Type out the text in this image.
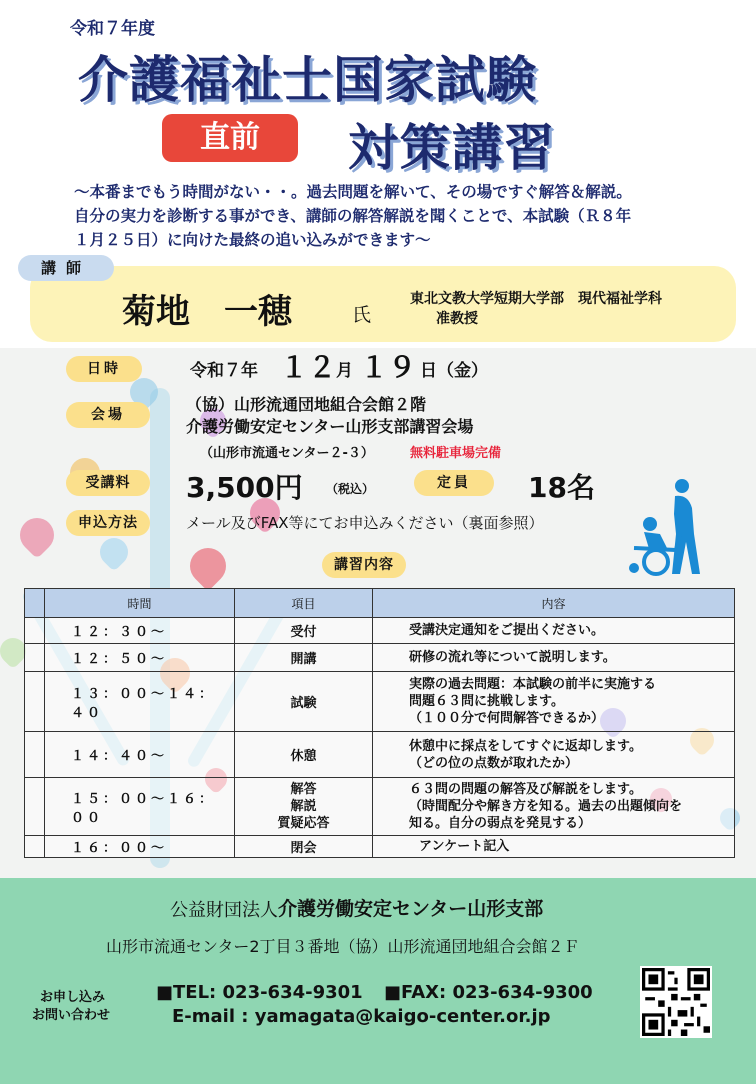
令和７年度
介護福祉士国家試験
直前	対策講習
～本番までもう時間がない・・。過去問題を解いて、その場ですぐ解答＆解説。
自分の実力を診断する事ができ、講師の解答解説を聞くことで、本試験（Ｒ８年
１月２５日）に向けた最終の追い込みができます～
講師
菊地　一穂	氏
東北文教大学短期大学部　現代福祉学科
准教授
日時	令和７年 １２ 月 １９ 日（金）
会場
（協）山形流通団地組合会館２階
介護労働安定センター山形支部講習会場
（山形市流通センター２-３）	無料駐車場完備
受講料	3,500円 （税込）	定員	18名
申込方法	メール及びFAX等にてお申込みください（裏面参照）
講習内容
	時間	項目	内容
	１２：３０～	受付	受講決定通知をご提出ください。
	１２：５０～	開講	研修の流れ等について説明します。
	１３：００～１４：４０	試験	実際の過去問題：本試験の前半に実施する
問題６３問に挑戦します。
（１００分で何問解答できるか）
	１４：４０～	休憩	休憩中に採点をしてすぐに返却します。
（どの位の点数が取れたか）
	１５：００～１６：００	解答
解説
質疑応答	６３問の問題の解答及び解説をします。
（時間配分や解き方を知る。過去の出題傾向を
知る。自分の弱点を発見する）
	１６：００～	閉会	アンケート記入
公益財団法人 介護労働安定センター山形支部
山形市流通センター2丁目３番地（協）山形流通団地組合会館２Ｆ
お申し込み
お問い合わせ
■TEL: 023-634-9301 ■FAX: 023-634-9300
E-mail : yamagata@kaigo-center.or.jp
